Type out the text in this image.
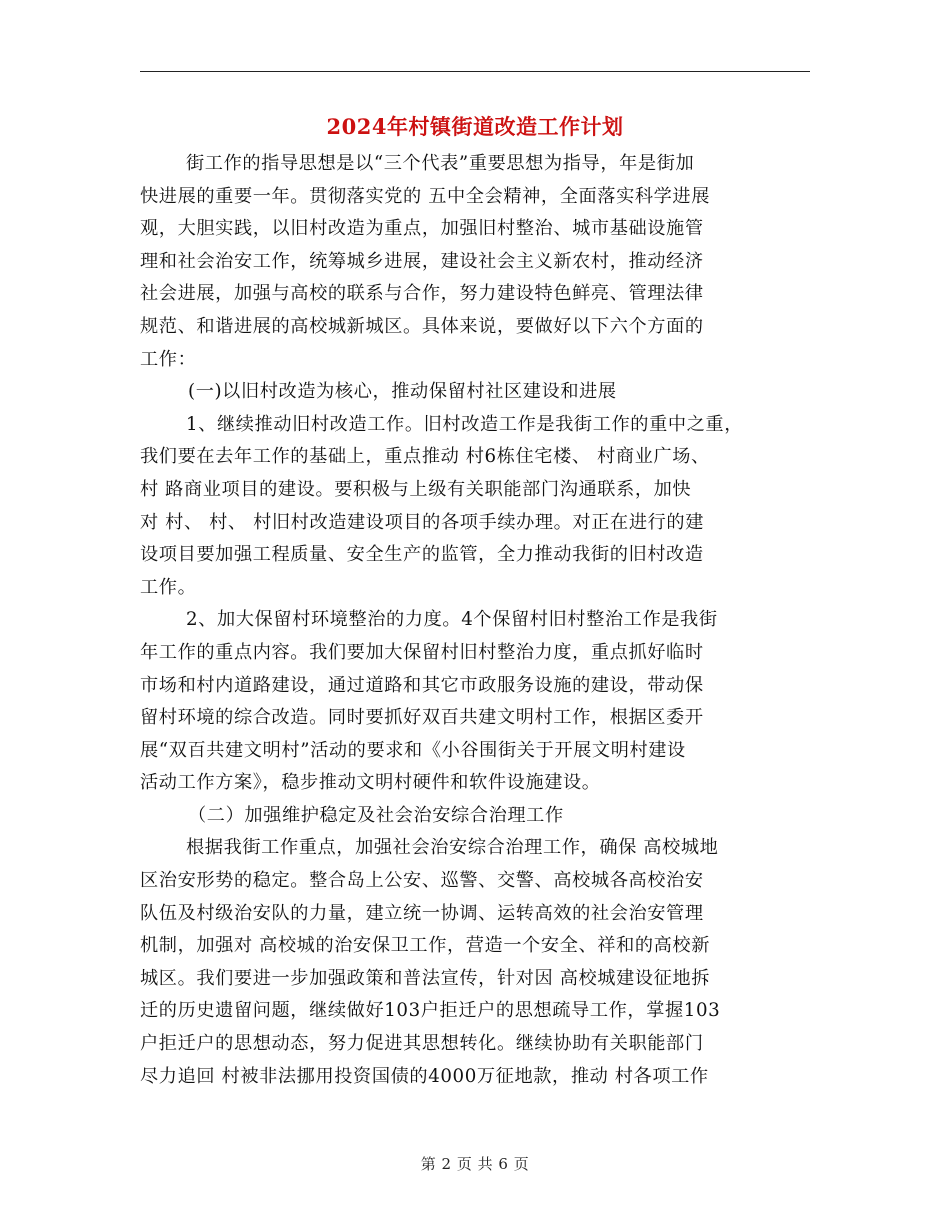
2024年村镇街道改造工作计划
街工作的指导思想是以“三个代表”重要思想为指导，年是街加
快进展的重要一年。贯彻落实党的 五中全会精神，全面落实科学进展
观，大胆实践，以旧村改造为重点，加强旧村整治、城市基础设施管
理和社会治安工作，统筹城乡进展，建设社会主义新农村，推动经济
社会进展，加强与高校的联系与合作，努力建设特色鲜亮、管理法律
规范、和谐进展的高校城新城区。具体来说，要做好以下六个方面的
工作：
(一)以旧村改造为核心，推动保留村社区建设和进展
1、继续推动旧村改造工作。旧村改造工作是我街工作的重中之重，
我们要在去年工作的基础上，重点推动 村6栋住宅楼、 村商业广场、
村 路商业项目的建设。要积极与上级有关职能部门沟通联系，加快
对 村、 村、 村旧村改造建设项目的各项手续办理。对正在进行的建
设项目要加强工程质量、安全生产的监管，全力推动我街的旧村改造
工作。
2、加大保留村环境整治的力度。4个保留村旧村整治工作是我街
年工作的重点内容。我们要加大保留村旧村整治力度，重点抓好临时
市场和村内道路建设，通过道路和其它市政服务设施的建设，带动保
留村环境的综合改造。同时要抓好双百共建文明村工作，根据区委开
展“双百共建文明村”活动的要求和《小谷围街关于开展文明村建设
活动工作方案》，稳步推动文明村硬件和软件设施建设。
（二）加强维护稳定及社会治安综合治理工作
根据我街工作重点，加强社会治安综合治理工作，确保 高校城地
区治安形势的稳定。整合岛上公安、巡警、交警、高校城各高校治安
队伍及村级治安队的力量，建立统一协调、运转高效的社会治安管理
机制，加强对 高校城的治安保卫工作，营造一个安全、祥和的高校新
城区。我们要进一步加强政策和普法宣传，针对因 高校城建设征地拆
迁的历史遗留问题，继续做好103户拒迁户的思想疏导工作，掌握103
户拒迁户的思想动态，努力促进其思想转化。继续协助有关职能部门
尽力追回 村被非法挪用投资国债的4000万征地款，推动 村各项工作
第 2 页 共 6 页
